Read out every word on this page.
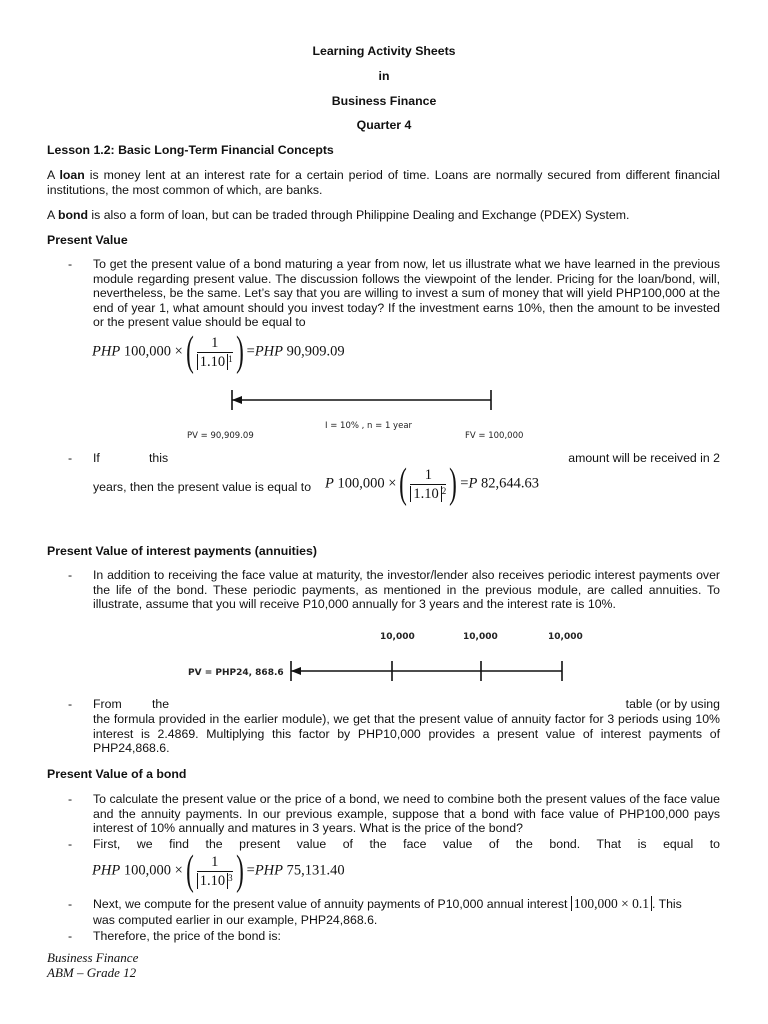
Learning Activity Sheets
in
Business Finance
Quarter 4
Lesson 1.2: Basic Long-Term Financial Concepts
A loan is money lent at an interest rate for a certain period of time. Loans are normally secured from different financial institutions, the most common of which, are banks.
A bond is also a form of loan, but can be traded through Philippine Dealing and Exchange (PDEX) System.
Present Value
- To get the present value of a bond maturing a year from now, let us illustrate what we have learned in the previous module regarding present value. The discussion follows the viewpoint of the lender. Pricing for the loan/bond, will, nevertheless, be the same. Let’s say that you are willing to invest a sum of money that will yield PHP100,000 at the end of year 1, what amount should you invest today? If the investment earns 10%, then the amount to be invested or the present value should be equal to
PHP 100,000 ×( $\frac{1}{1.10 ^1}$ ) =PHP 90,909.09
PV = 90,909.09
I = 10% , n = 1 year
FV = 100,000
- If	this	amount will be received in 2
years, then the present value is equal to P 100,000 ×( $\frac{1}{1.10 ^2}$ ) =P 82,644.63
Present Value of interest payments (annuities)
- In addition to receiving the face value at maturity, the investor/lender also receives periodic interest payments over the life of the bond. These periodic payments, as mentioned in the previous module, are called annuities. To illustrate, assume that you will receive P10,000 annually for 3 years and the interest rate is 10%.
10,000	10,000	10,000
PV = PHP24, 868.6
- From the	table (or by using
the formula provided in the earlier module), we get that the present value of annuity factor for 3 periods using 10% interest is 2.4869. Multiplying this factor by PHP10,000 provides a present value of interest payments of PHP24,868.6.
Present Value of a bond
- To calculate the present value or the price of a bond, we need to combine both the present values of the face value and the annuity payments. In our previous example, suppose that a bond with face value of PHP100,000 pays interest of 10% annually and matures in 3 years. What is the price of the bond?
- First, we find the present value of the face value of the bond. That is equal to
PHP 100,000 ×( $\frac{1}{1.10 ^3}$ ) =PHP 75,131.40
- Next, we compute for the present value of annuity payments of P10,000 annual interest 100,000 × 0.1 . This
was computed earlier in our example, PHP24,868.6.
- Therefore, the price of the bond is:
Business Finance
ABM – Grade 12
